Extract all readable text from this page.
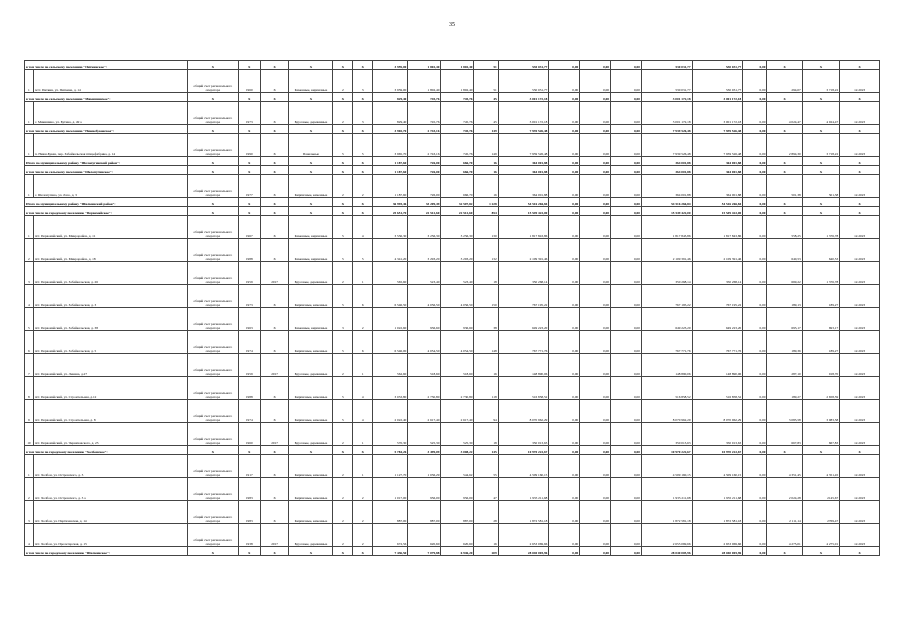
35
в том числе по сельскому поселению "Питкинское":		X	X	X	X	X	X	3 959,00	1 802,40	1 802,40	51	530 031,77	0,00	0,00	0,00	530 031,77	530 031,77	0,00	X	X	X
1	п/ст. Питкин, ул. Питкина, д. 14	общий счет регионального оператора	1960	X	Каменные, кирпичные	2	3	3 959,00	1 802,40	1 802,40	51	530 031,77	0,00	0,00	0,00	530 031,77	530 031,77	0,00	294,07	3 718,22	12.2023
в том числе по сельскому поселению "Мякишинское":		X	X	X	X	X	X	829,40	745,76	745,76	45	3 001 172,18	0,00	0,00	0,00	3 001 172,18	3 001 172,18	0,00	X	X	X
1	с. Мякишино, ул. Бутина, д. 49 а	общий счет регионального оператора	1973	X	Брусовые, деревянные	2	3	829,40	745,76	745,76	45	3 001 172,18	0,00	0,00	0,00	3 001 172,18	3 001 172,18	0,00	4 024,47	4 024,47	12.2023
в том числе по сельскому поселению "Нижнебуканское":		X	X	X	X	X	X	3 965,70	2 743,16	745,76	149	7 939 526,48	0,00	0,00	0,00	7 939 526,48	7 939 526,48	0,00	X	X	X
1	п. Нижн.Букан, пер. Забайкальская птицефабрика, д. 14	общий счет регионального оператора	1990	X	Панельные	5	5	3 965,70	2 743,16	745,76	149	7 939 526,48	0,00	0,00	0,00	7 939 526,48	7 939 526,48	0,00	2 894,30	3 718,22	12.2023
Итого по муниципальному району "Шелопугинский район":		X	X	X	X	X	X	1 187,60	726,00	666,70	16	364 001,88	0,00	0,00	0,00	364 001,88	364 001,88	0,00	X	X	X
в том числе по сельскому поселению "Шелопугинское":		X	X	X	X	X	X	1 187,60	726,00	666,70	16	364 001,88	0,00	0,00	0,00	364 001,88	364 001,88	0,00	X	X	X
1	с. Шелопугино, ул. Лазо, д. 3	общий счет регионального оператора	1977	X	Кирпичные, каменные	2	2	1 187,60	726,00	666,70	16	364 001,88	0,00	0,00	0,00	364 001,88	364 001,88	0,00	501,38	501,38	12.2023
Итого по муниципальному району "Шилкинский район":		X	X	X	X	X	X	36 995,46	33 209,49	32 507,82	1 228	54 516 266,84	0,00	0,00	0,00	54 516 266,84	54 516 266,84	0,00	X	X	X
в том числе по городскому поселению "Первомайское":		X	X	X	X	X	X	25 651,70	22 512,60	22 512,60	854	15 549 422,00	0,00	0,00	0,00	15 549 422,00	15 549 422,00	0,00	X	X	X
1	пгт. Первомайский, ул. Микрорайон, д. 11	общий счет регионального оператора	1967	X	Каменные, кирпичные	5	4	3 536,30	3 256,30	3 256,30	130	1 817 843,86	0,00	0,00	0,00	1 817 843,86	1 817 843,86	0,00	558,25	1 376,78	12.2023
2	пгт. Первомайский, ул. Микрорайон, д. 18	общий счет регионального оператора	1988	X	Каменные, кирпичные	5	5	4 341,20	3 293,20	3 293,20	132	2 109 391,46	0,00	0,00	0,00	2 109 391,46	2 109 391,46	0,00	640,53	640,53	12.2023
3	пгт. Первомайский, ул. Забайкальская, д. 26	общий счет регионального оператора	1959	2017	Брусовые, деревянные	2	1	565,60	523,40	523,40	18	350 268,14	0,00	0,00	0,00	350 268,14	350 268,14	0,00	669,22	1 376,78	12.2023
4	пгт. Первомайский, ул. Забайкальская, д. 3	общий счет регионального оператора	1973	X	Кирпичные, каменные	5	6	6 546,50	4 056,50	4 056,50	150	767 195,22	0,00	0,00	0,00	767 195,22	767 195,22	0,00	189,13	189,27	12.2023
5	пгт. Первомайский, ул. Забайкальская, д. 38	общий счет регионального оператора	1963	X	Каменные, кирпичные	3	2	1 022,60	936,60	936,60	38	649 223,20	0,00	0,00	0,00	649 223,20	649 223,20	0,00	693,17	693,17	12.2023
6	пгт. Первомайский, ул. Забайкальская, д. 5	общий счет регионального оператора	1974	X	Кирпичные, каменные	5	6	6 546,00	4 054,50	4 054,50	148	767 771,76	0,00	0,00	0,00	767 771,76	767 771,76	0,00	189,36	189,27	12.2023
7	пгт. Первомайский, ул. Ленина, д.27	общий счет регионального оператора	1959	2017	Брусовые, деревянные	2	1	562,60	518,60	518,60	16	148 890,06	0,00	0,00	0,00	148 890,06	148 890,06	0,00	287,10	918,70	12.2023
8	пгт. Первомайский, ул. Строительная, д.12	общий счет регионального оператора	1988	X	Кирпичные, каменные	5	4	3 033,80	2 730,80	2 730,80	118	516 858,52	0,00	0,00	0,00	516 858,52	516 858,52	0,00	189,27	2 658,59	12.2023
9	пгт. Первомайский, ул. Строительная, д. 8	общий счет регионального оператора	1974	X	Кирпичные, каменные	5	4	2 022,40	2 617,40	2 617,40	94	8 070 962,29	0,00	0,00	0,00	8 070 962,29	8 070 962,29	0,00	3 083,58	3 083,58	12.2023
10	пгт. Первомайский, ул. Черняховского, д. 23	общий счет регионального оператора	1960	2017	Брусовые, деревянные	2	1	570,30	525,30	525,30	18	350 013,63	0,00	0,00	0,00	350 013,63	350 013,63	0,00	667,83	667,83	12.2023
в том числе по городскому поселению "Холбонское":		X	X	X	X	X	X	5 784,26	3 499,09	3 008,22	145	10 970 222,67	0,00	0,00	0,00	10 970 222,67	10 970 222,67	0,00	X	X	X
1	пгт. Холбон, ул. Островского, д. 3	общий счет регионального оператора	1917	X	Кирпичные, каменные	2	1	1 127,70	1 036,29	544,62	55	4 509 160,15	0,00	0,00	0,00	4 509 160,15	4 509 160,15	0,00	4 351,45	4 351,45	12.2023
2	пгт. Холбон, ул. Островского, д. 3 а	общий счет регионального оператора	1983	X	Кирпичные, каменные	2	2	1 017,00	956,00	956,00	47	1 935 211,68	0,00	0,00	0,00	1 935 211,68	1 935 211,68	0,00	2 024,28	2145,67	12.2023
3	пгт. Холбон, ул. Партизанская, д. 14	общий счет регионального оператора	1983	X	Кирпичные, каменные	2	2	887,00	887,00	887,00	28	1 872 581,18	0,00	0,00	0,00	1 872 581,18	1 872 581,18	0,00	2 111,14	2769,47	12.2023
4	пгт. Холбон, ул. Пролетарская, д. 15	общий счет регионального оператора	1938	2017	Брусовые, деревянные	2	2	672,56	620,60	620,60	16	2 653 069,66	0,00	0,00	0,00	2 653 069,66	2 653 069,66	0,00	4 275,01	4 275,01	12.2023
в том числе по городскому поселению "Шилкинское":		X	X	X	X	X	X	7 436,50	7 079,88	6 946,20	209	28 040 005,96	0,00	0,00	0,00	28 040 005,96	28 040 005,96	0,00	X	X	X
